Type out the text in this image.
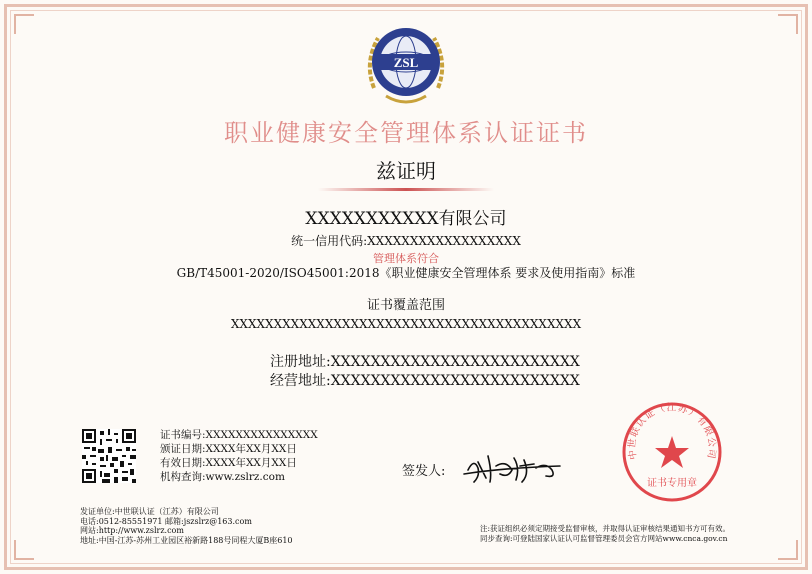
ZSL
职业健康安全管理体系认证证书
兹证明
XXXXXXXXXXX有限公司
统一信用代码:XXXXXXXXXXXXXXXXXX
管理体系符合
GB/T45001-2020/ISO45001:2018《职业健康安全管理体系 要求及使用指南》标准
证书覆盖范围
XXXXXXXXXXXXXXXXXXXXXXXXXXXXXXXXXXXXXXXXX
注册地址:XXXXXXXXXXXXXXXXXXXXXXXXX
经营地址:XXXXXXXXXXXXXXXXXXXXXXXXX
证书编号:XXXXXXXXXXXXXXX
颁证日期:XXXX年XX月XX日
有效日期:XXXX年XX月XX日
机构查询:www.zslrz.com	签发人:
中世联认证（江苏）有限公司
证书专用章
发证单位:中世联认证（江苏）有限公司
电话:0512-85551971 邮箱:jszslrz@163.com
网站:http://www.zslrz.com
地址:中国-江苏-苏州工业园区裕新路188号同程大厦B座610
注:获证组织必须定期接受监督审核，并取得认证审核结果通知书方可有效。
同步查询:可登陆国家认证认可监督管理委员会官方网站www.cnca.gov.cn
